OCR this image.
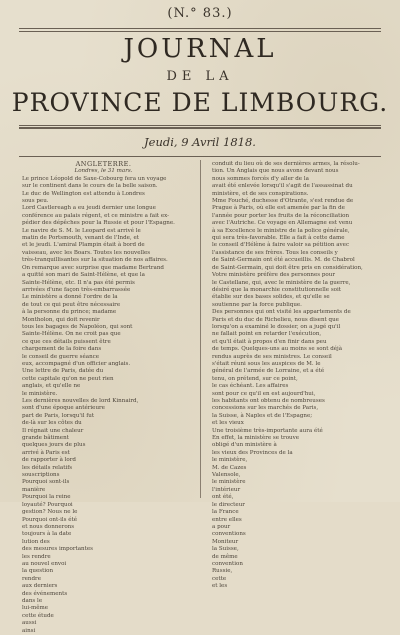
(N.° 83.)
JOURNAL
DE LA
PROVINCE DE LIMBOURG.
Jeudi, 9 Avril 1818.
ANGLETERRE.
Londres, le 31 mars.
Le prince Léopold de Saxe-Cobourg fera un voyage
sur le continent dans le cours de la belle saison.
Le duc de Wellington est attendu à Londres
sous peu.
Lord Castlereagh a eu jeudi dernier une longue
conférence au palais régent, et ce ministre a fait ex-
pédier des dépêches pour la Russie et pour l'Espagne.
Le navire de S. M. le Leopard est arrivé le
matin de Portsmouth, venant de l'Inde, et
et le jeudi. L'amiral Plampin était à bord de
vaisseau, avec les Boars. Toutes les nouvelles
très-tranquillisantes sur la situation de nos affaires.
On remarque avec surprise que madame Bertrand
a quitté son mari de Saint-Hélène, et que la
Sainte-Hélène, etc. Il n'a pas été permis
arrivées d'une façon très-embarrassée
Le ministère a donné l'ordre de la
de tout ce qui peut être nécessaire
à la personne du prince; madame
Montholon, qui doit revenir
tous les bagages de Napoléon, qui sont
Sainte-Hélène. On ne croit pas que
ce que ces détails puissent être
chargement de la foire dans
le conseil de guerre séance
eux, accompagné d'un officier anglais.
Une lettre de Paris, datée du
cette capitale qu'on ne peut rien
anglais, et qu'elle ne
le ministère.
Les dernières nouvelles de lord Kinnaird,
sont d'une époque antérieure
part de Paris, lorsqu'il fut
de-là sur les côtes du
Il régnait une chaleur
grande bâtiment
quelques jours de plus
arrivé à Paris est
de rapporter à lord
les détails relatifs
souscriptions
Pourquoi sont-ils
manière
Pourquoi la reine
loyauté? Pourquoi
gestion? Nous ne le
Pourquoi ont-ils été
et nous donnerons
toujours à la date
lution des
des mesures importantes
les rendre
au nouvel envoi
la question
rendre
aux derniers
des événements
dans le
lui-même
cette étude
aussi
ainsi
conduit du lieu où de ses dernières armes, la résolu-
tion. Un Anglais que nous avons devant nous
nous sommes forcés d'y aller de la
avait été enlevée lorsqu'il s'agit de l'assassinat du
ministère, et de ses conspirations.
Mme Fouché, duchesse d'Otrante, s'est rendue de
Prague à Paris, où elle est amenée par la fin de
l'année pour porter les fruits de la réconciliation
avec l'Autriche. Ce voyage en Allemagne est venu
à sa Excellence le ministre de la police générale,
qui sera très-favorable. Elle a fait à cette dame
le conseil d'Hélène à faire valoir sa pétition avec
l'assistance de ses frères. Tous les conseils y
de Saint-Germain ont été accueillis. M. de Chabrol
de Saint-Germain, qui doit être pris en considération,
Votre ministère préfère des personnes pour
le Castellane, qui, avec le ministère de la guerre,
désiré que la monarchie constitutionnelle soit
établie sur des bases solides, et qu'elle se
soutienne par la force publique.
Des personnes qui ont visité les appartements de
Paris et du duc de Richelieu, nous disent que
lorsqu'on a examiné le dossier, on a jugé qu'il
ne fallait point en retarder l'exécution,
et qu'il était à propos d'en finir dans peu
de temps. Quelques-uns au moins se sont déjà
rendus auprès de ses ministres. Le conseil
s'était réuni sous les auspices de M. le
général de l'armée de Lorraine, et a été
tenu, on prétend, sur ce point,
le cas échéant. Les affaires
sont pour ce qu'il en est aujourd'hui,
les habitants ont obtenu de nombreuses
concessions sur les marchés de Paris,
la Suisse, à Naples et de l'Espagne;
et les vieux
Une troisième très-importante aura été
En effet, la ministère se trouve
obligé d'un ministère à
les vieux des Provinces de la
le ministère,
M. de Cazes
Valensole,
le ministère
l'intérieur
ont été,
le directeur
la France
entre elles
a pour
conventions
Moniteur
la Suisse,
de même
convention
Russie,
cette
et les
